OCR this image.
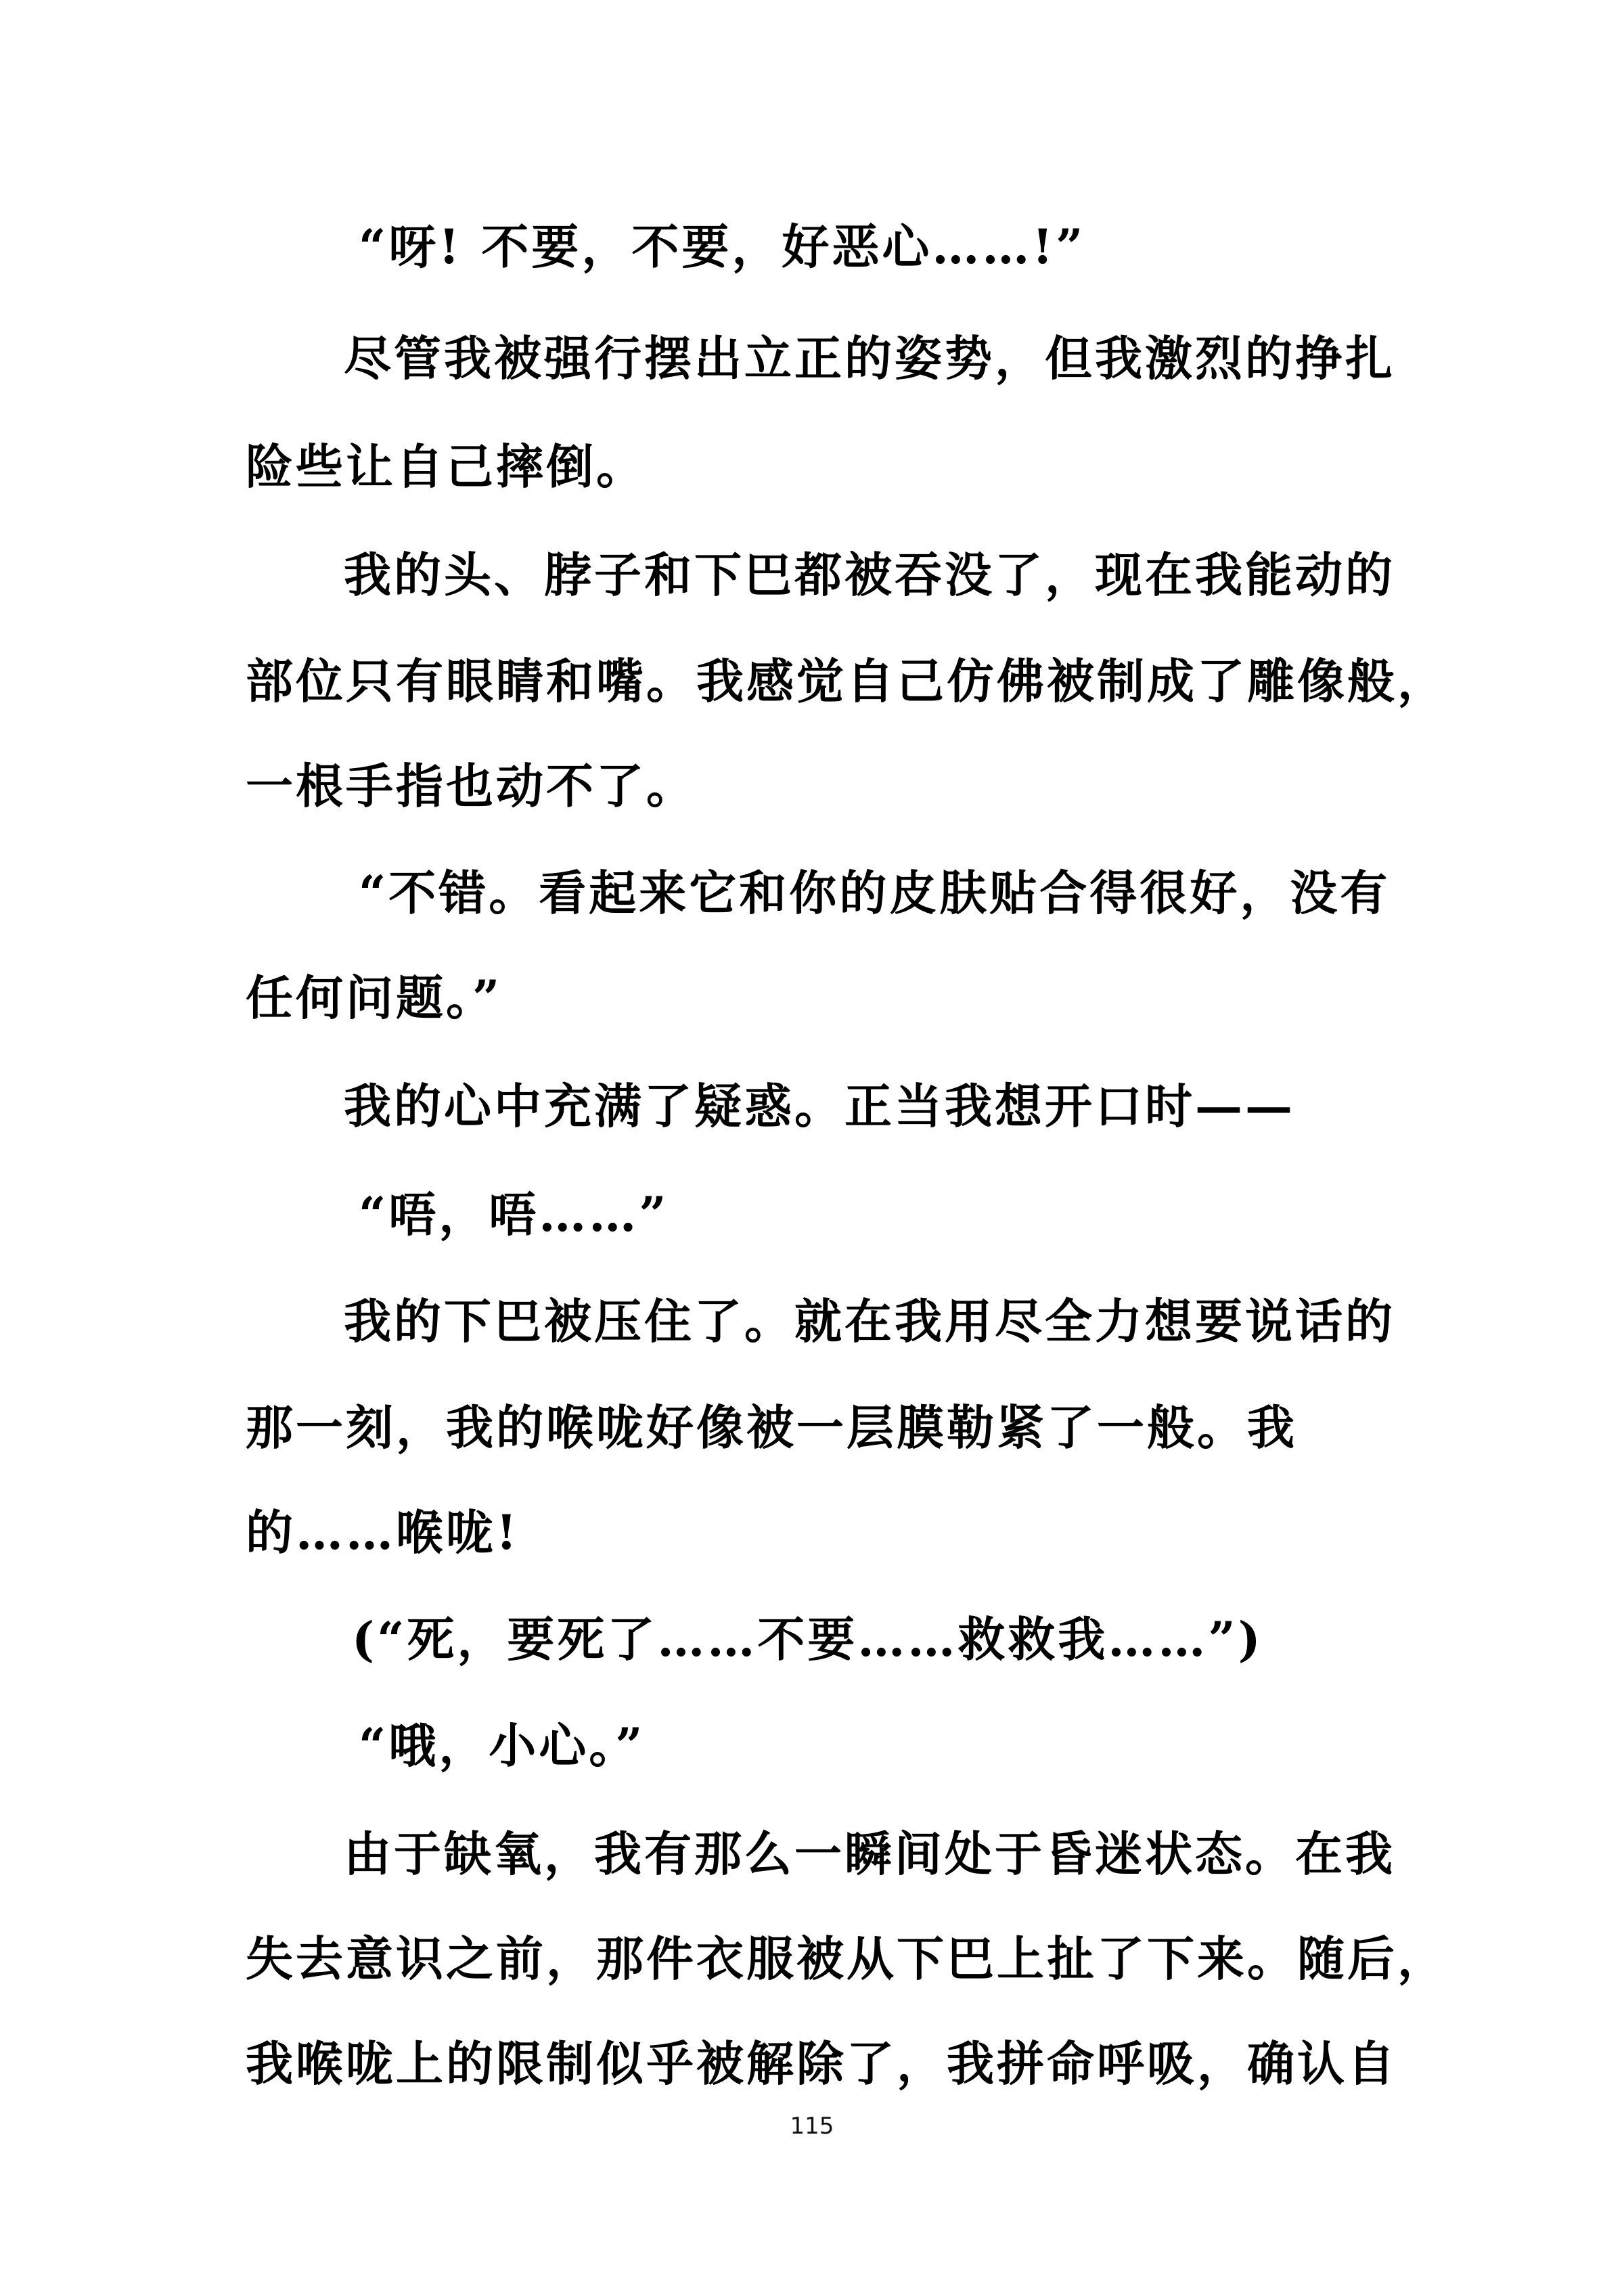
“呀! 不要，不要，好恶心……!”
尽管我被强行摆出立正的姿势，但我激烈的挣扎
险些让自己摔倒。
我的头、脖子和下巴都被吞没了，现在我能动的
部位只有眼睛和嘴。我感觉自己仿佛被制成了雕像般，
一根手指也动不了。
“不错。看起来它和你的皮肤贴合得很好，没有
任何问题。”
我的心中充满了疑惑。正当我想开口时——
“唔，唔……”
我的下巴被压住了。就在我用尽全力想要说话的
那一刻，我的喉咙好像被一层膜勒紧了一般。我
的……喉咙!
(“死，要死了……不要……救救我……”)
“哦，小心。”
由于缺氧，我有那么一瞬间处于昏迷状态。在我
失去意识之前，那件衣服被从下巴上扯了下来。随后，
我喉咙上的限制似乎被解除了，我拼命呼吸，确认自
115
